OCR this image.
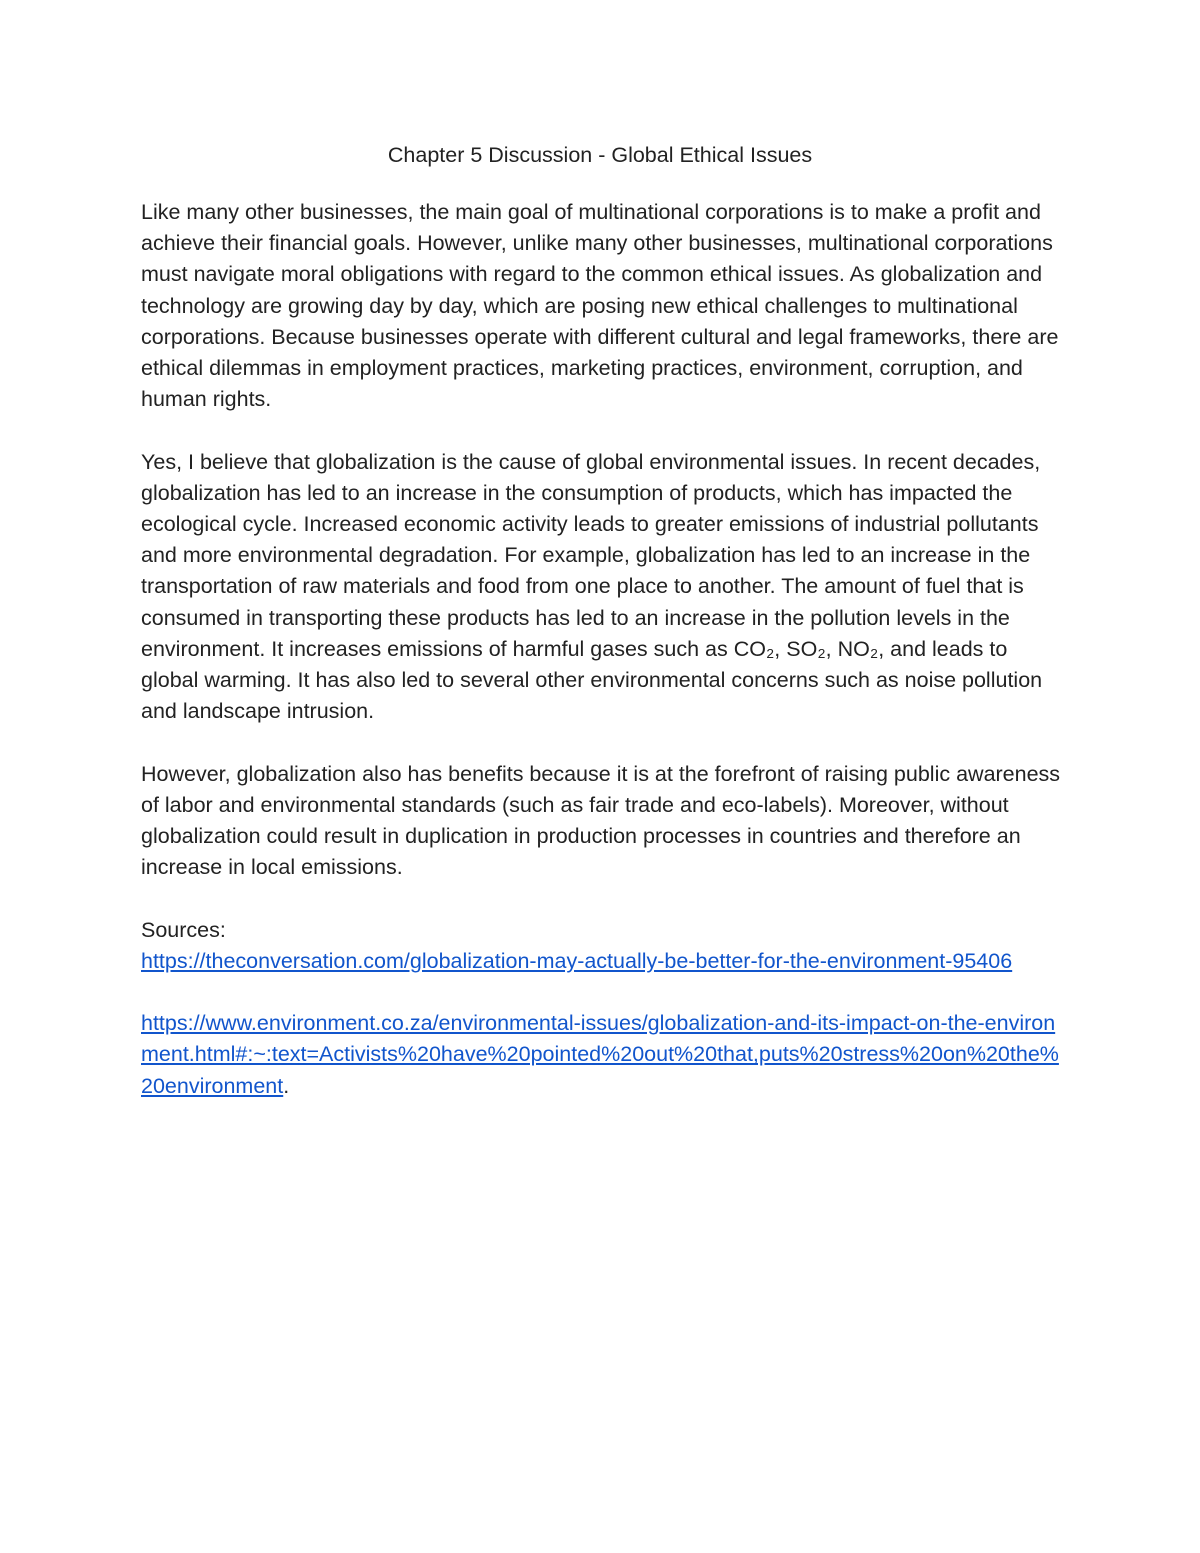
Chapter 5 Discussion - Global Ethical Issues

Like many other businesses, the main goal of multinational corporations is to make a profit and achieve their financial goals. However, unlike many other businesses, multinational corporations must navigate moral obligations with regard to the common ethical issues. As globalization and technology are growing day by day, which are posing new ethical challenges to multinational corporations. Because businesses operate with different cultural and legal frameworks, there are ethical dilemmas in employment practices, marketing practices, environment, corruption, and human rights.

Yes, I believe that globalization is the cause of global environmental issues. In recent decades, globalization has led to an increase in the consumption of products, which has impacted the ecological cycle. Increased economic activity leads to greater emissions of industrial pollutants and more environmental degradation. For example, globalization has led to an increase in the transportation of raw materials and food from one place to another. The amount of fuel that is consumed in transporting these products has led to an increase in the pollution levels in the environment. It increases emissions of harmful gases such as CO₂, SO₂, NO₂, and leads to global warming. It has also led to several other environmental concerns such as noise pollution and landscape intrusion.

However, globalization also has benefits because it is at the forefront of raising public awareness of labor and environmental standards (such as fair trade and eco-labels). Moreover, without globalization could result in duplication in production processes in countries and therefore an increase in local emissions.

Sources:

https://theconversation.com/globalization-may-actually-be-better-for-the-environment-95406

https://www.environment.co.za/environmental-issues/globalization-and-its-impact-on-the-environment.html#:~:text=Activists%20have%20pointed%20out%20that,puts%20stress%20on%20the%20environment.
